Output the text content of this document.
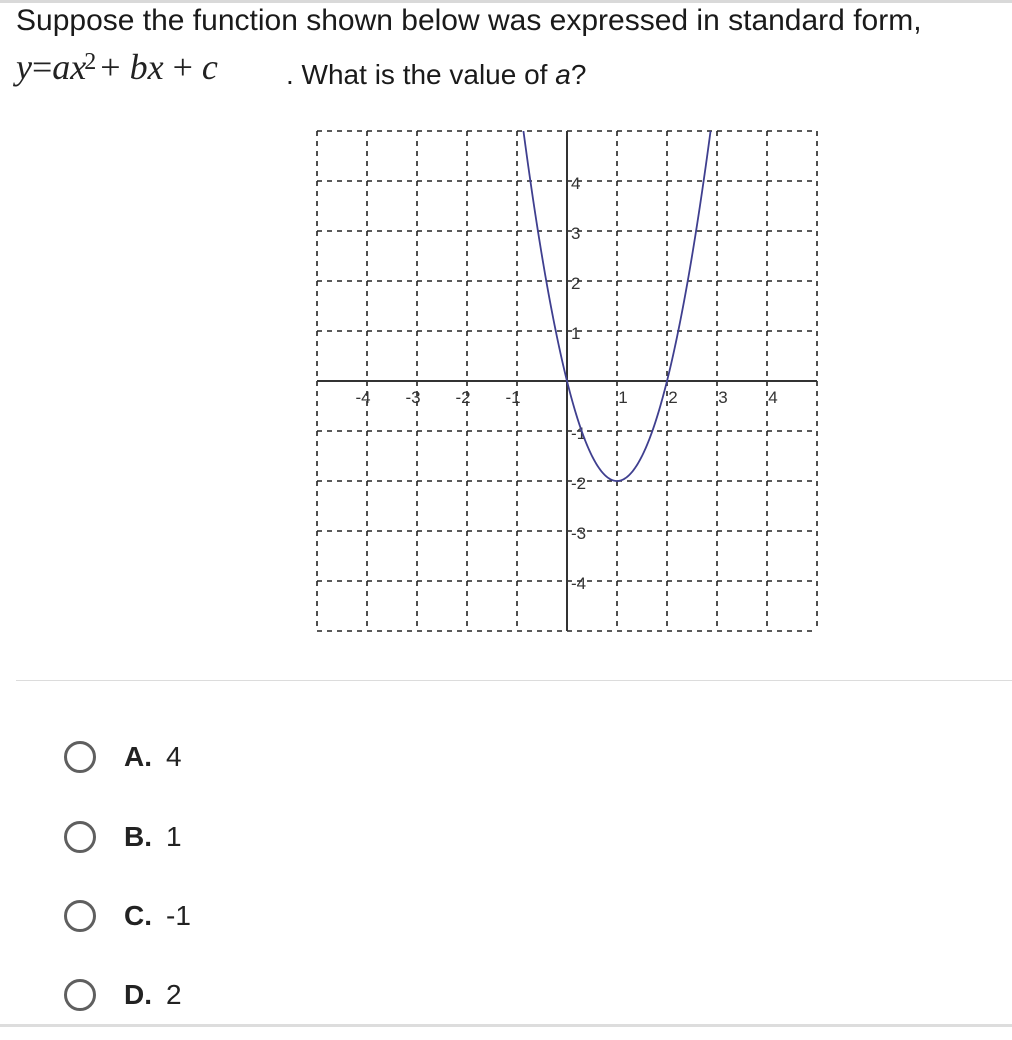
Suppose the function shown below was expressed in standard form,
$y=ax^2$ + bx + c . What is the value of a?
-4 -3 -2 -1	1 2 3 4
4
3
2
1
-1
-2
-3
-4
A. 4
B. 1
C. -1
D. 2
